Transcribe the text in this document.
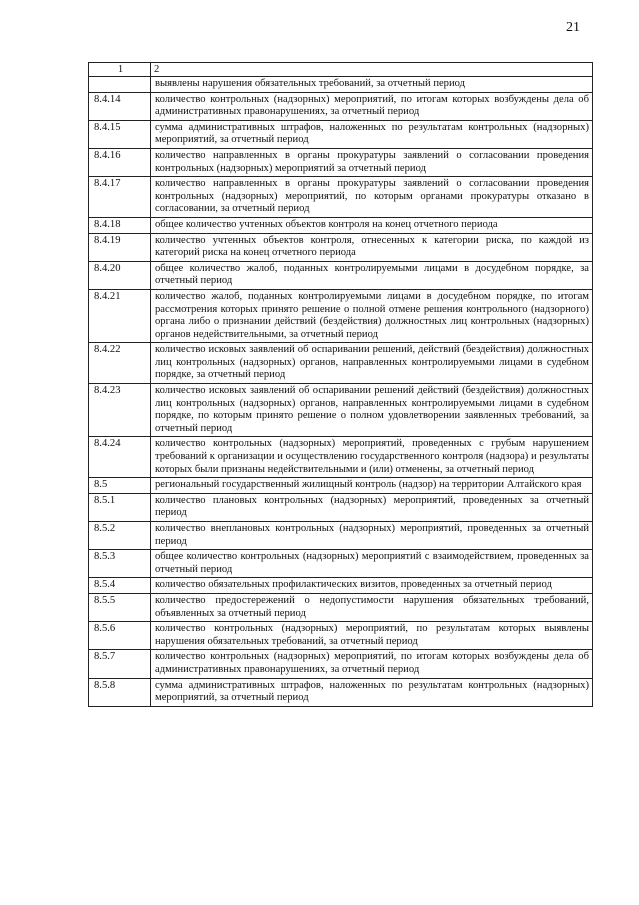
21
1	2
	выявлены нарушения обязательных требований, за отчетный период
8.4.14	количество контрольных (надзорных) мероприятий, по итогам которых возбуждены дела об административных правонарушениях, за отчетный период
8.4.15	сумма административных штрафов, наложенных по результатам контрольных (надзорных) мероприятий, за отчетный период
8.4.16	количество направленных в органы прокуратуры заявлений о согласовании проведения контрольных (надзорных) мероприятий за отчетный период
8.4.17	количество направленных в органы прокуратуры заявлений о согласовании проведения контрольных (надзорных) мероприятий, по которым органами прокуратуры отказано в согласовании, за отчетный период
8.4.18	общее количество учтенных объектов контроля на конец отчетного периода
8.4.19	количество учтенных объектов контроля, отнесенных к категории риска, по каждой из категорий риска на конец отчетного периода
8.4.20	общее количество жалоб, поданных контролируемыми лицами в досудебном порядке, за отчетный период
8.4.21	количество жалоб, поданных контролируемыми лицами в досудебном порядке, по итогам рассмотрения которых принято решение о полной отмене решения контрольного (надзорного) органа либо о признании действий (бездействия) должностных лиц контрольных (надзорных) органов недействительными, за отчетный период
8.4.22	количество исковых заявлений об оспаривании решений, действий (бездействия) должностных лиц контрольных (надзорных) органов, направленных контролируемыми лицами в судебном порядке, за отчетный период
8.4.23	количество исковых заявлений об оспаривании решений действий (бездействия) должностных лиц контрольных (надзорных) органов, направленных контролируемыми лицами в судебном порядке, по которым принято решение о полном удовлетворении заявленных требований, за отчетный период
8.4.24	количество контрольных (надзорных) мероприятий, проведенных с грубым нарушением требований к организации и осуществлению государственного контроля (надзора) и результаты которых были признаны недействительными и (или) отменены, за отчетный период
8.5	региональный государственный жилищный контроль (надзор) на территории Алтайского края
8.5.1	количество плановых контрольных (надзорных) мероприятий, проведенных за отчетный период
8.5.2	количество внеплановых контрольных (надзорных) мероприятий, проведенных за отчетный период
8.5.3	общее количество контрольных (надзорных) мероприятий с взаимодействием, проведенных за отчетный период
8.5.4	количество обязательных профилактических визитов, проведенных за отчетный период
8.5.5	количество предостережений о недопустимости нарушения обязательных требований, объявленных за отчетный период
8.5.6	количество контрольных (надзорных) мероприятий, по результатам которых выявлены нарушения обязательных требований, за отчетный период
8.5.7	количество контрольных (надзорных) мероприятий, по итогам которых возбуждены дела об административных правонарушениях, за отчетный период
8.5.8	сумма административных штрафов, наложенных по результатам контрольных (надзорных) мероприятий, за отчетный период
